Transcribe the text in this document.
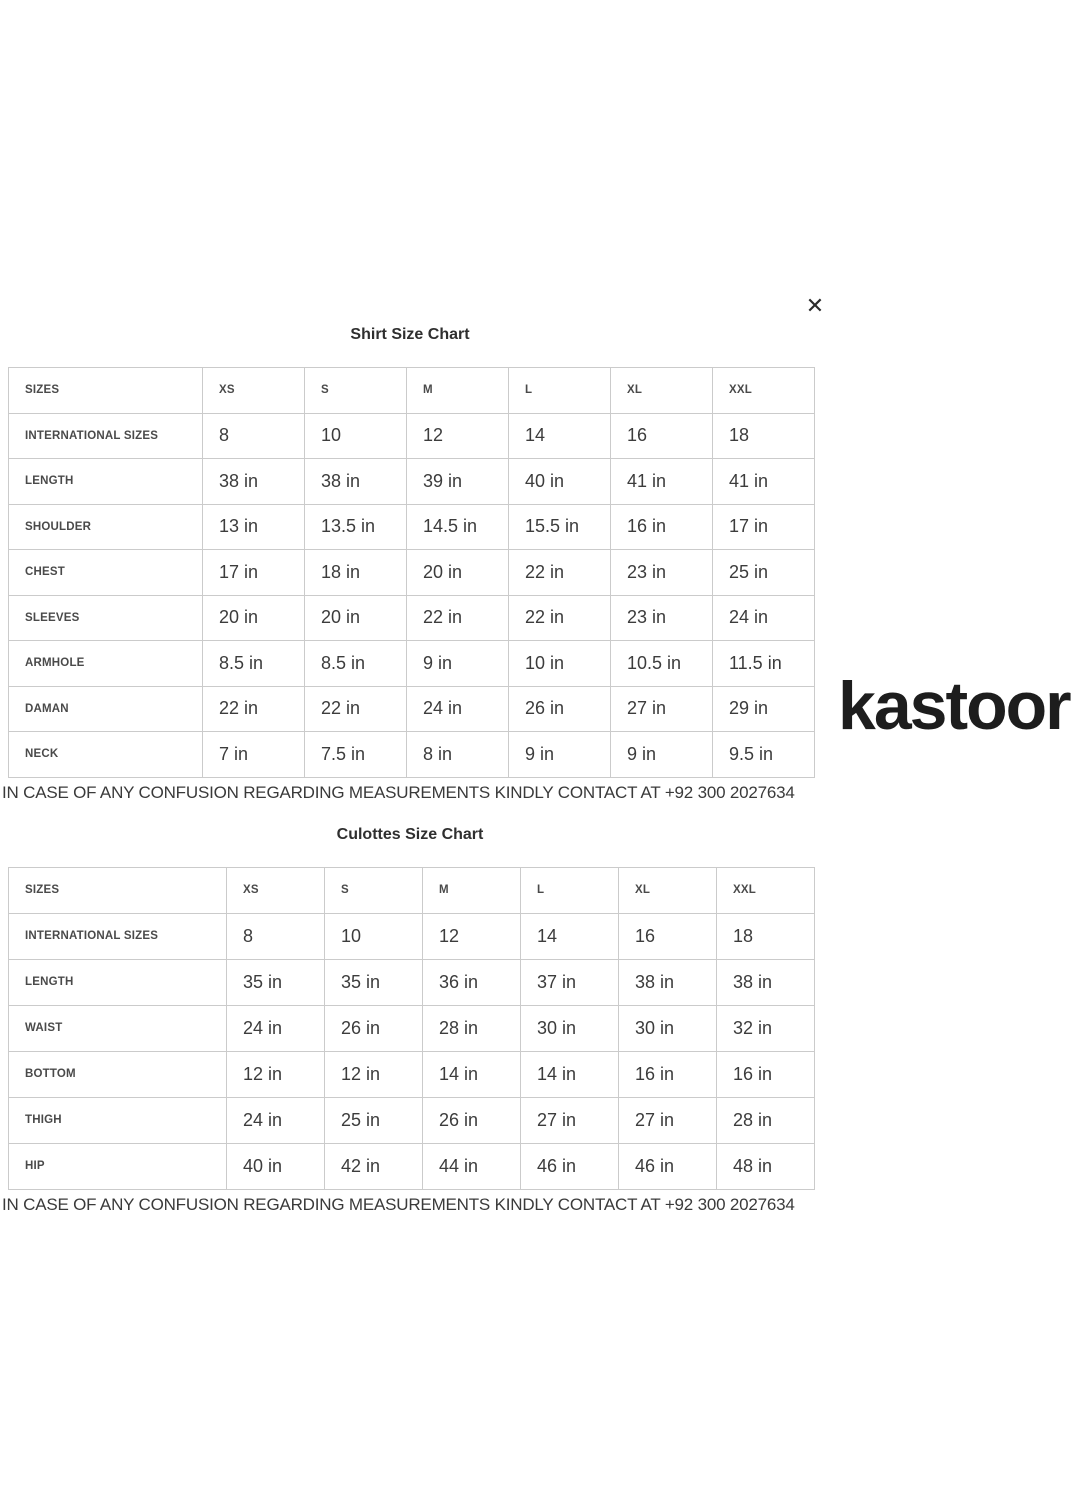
✕
kastoor
Shirt Size Chart
SIZES	XS	S	M	L	XL	XXL
INTERNATIONAL SIZES	8	10	12	14	16	18
LENGTH	38 in	38 in	39 in	40 in	41 in	41 in
SHOULDER	13 in	13.5 in	14.5 in	15.5 in	16 in	17 in
CHEST	17 in	18 in	20 in	22 in	23 in	25 in
SLEEVES	20 in	20 in	22 in	22 in	23 in	24 in
ARMHOLE	8.5 in	8.5 in	9 in	10 in	10.5 in	11.5 in
DAMAN	22 in	22 in	24 in	26 in	27 in	29 in
NECK	7 in	7.5 in	8 in	9 in	9 in	9.5 in
IN CASE OF ANY CONFUSION REGARDING MEASUREMENTS KINDLY CONTACT AT +92 300 2027634
Culottes Size Chart
SIZES	XS	S	M	L	XL	XXL
INTERNATIONAL SIZES	8	10	12	14	16	18
LENGTH	35 in	35 in	36 in	37 in	38 in	38 in
WAIST	24 in	26 in	28 in	30 in	30 in	32 in
BOTTOM	12 in	12 in	14 in	14 in	16 in	16 in
THIGH	24 in	25 in	26 in	27 in	27 in	28 in
HIP	40 in	42 in	44 in	46 in	46 in	48 in
IN CASE OF ANY CONFUSION REGARDING MEASUREMENTS KINDLY CONTACT AT +92 300 2027634
